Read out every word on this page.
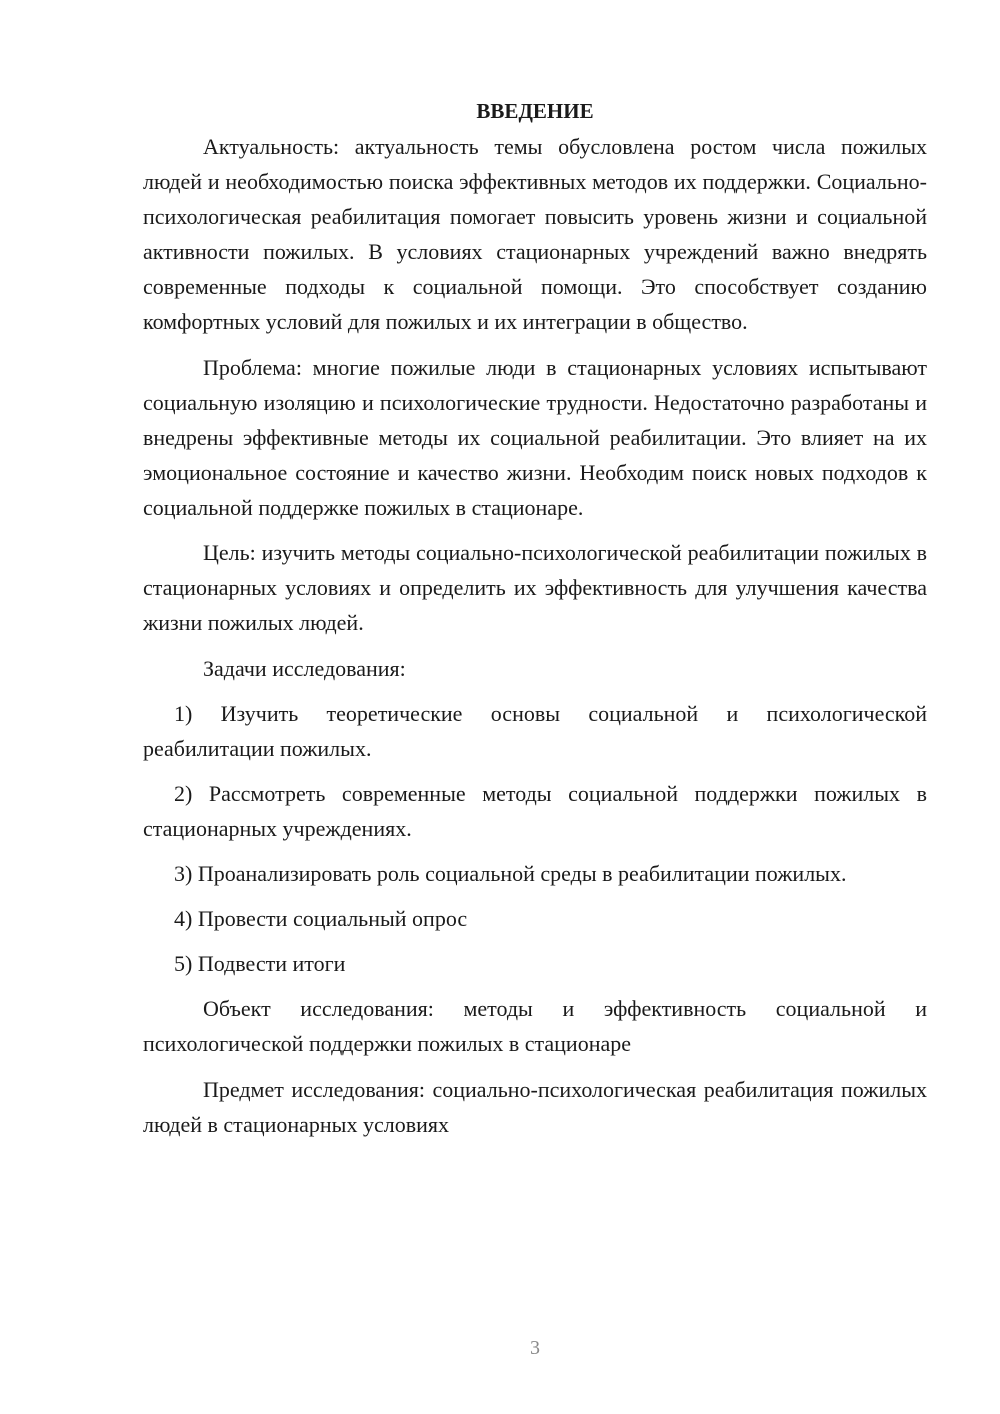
ВВЕДЕНИЕ

Актуальность: актуальность темы обусловлена ростом числа пожилых людей и необходимостью поиска эффективных методов их поддержки. Социально-психологическая реабилитация помогает повысить уровень жизни и социальной активности пожилых. В условиях стационарных учреждений важно внедрять современные подходы к социальной помощи. Это способствует созданию комфортных условий для пожилых и их интеграции в общество.

Проблема: многие пожилые люди в стационарных условиях испытывают социальную изоляцию и психологические трудности. Недостаточно разработаны и внедрены эффективные методы их социальной реабилитации. Это влияет на их эмоциональное состояние и качество жизни. Необходим поиск новых подходов к социальной поддержке пожилых в стационаре.

Цель: изучить методы социально-психологической реабилитации пожилых в стационарных условиях и определить их эффективность для улучшения качества жизни пожилых людей.

Задачи исследования:

1) Изучить теоретические основы социальной и психологической реабилитации пожилых.

2) Рассмотреть современные методы социальной поддержки пожилых в стационарных учреждениях.

3) Проанализировать роль социальной среды в реабилитации пожилых.

4) Провести социальный опрос

5) Подвести итоги

Объект исследования: методы и эффективность социальной и психологической поддержки пожилых в стационаре

Предмет исследования: социально-психологическая реабилитация пожилых людей в стационарных условиях

3
